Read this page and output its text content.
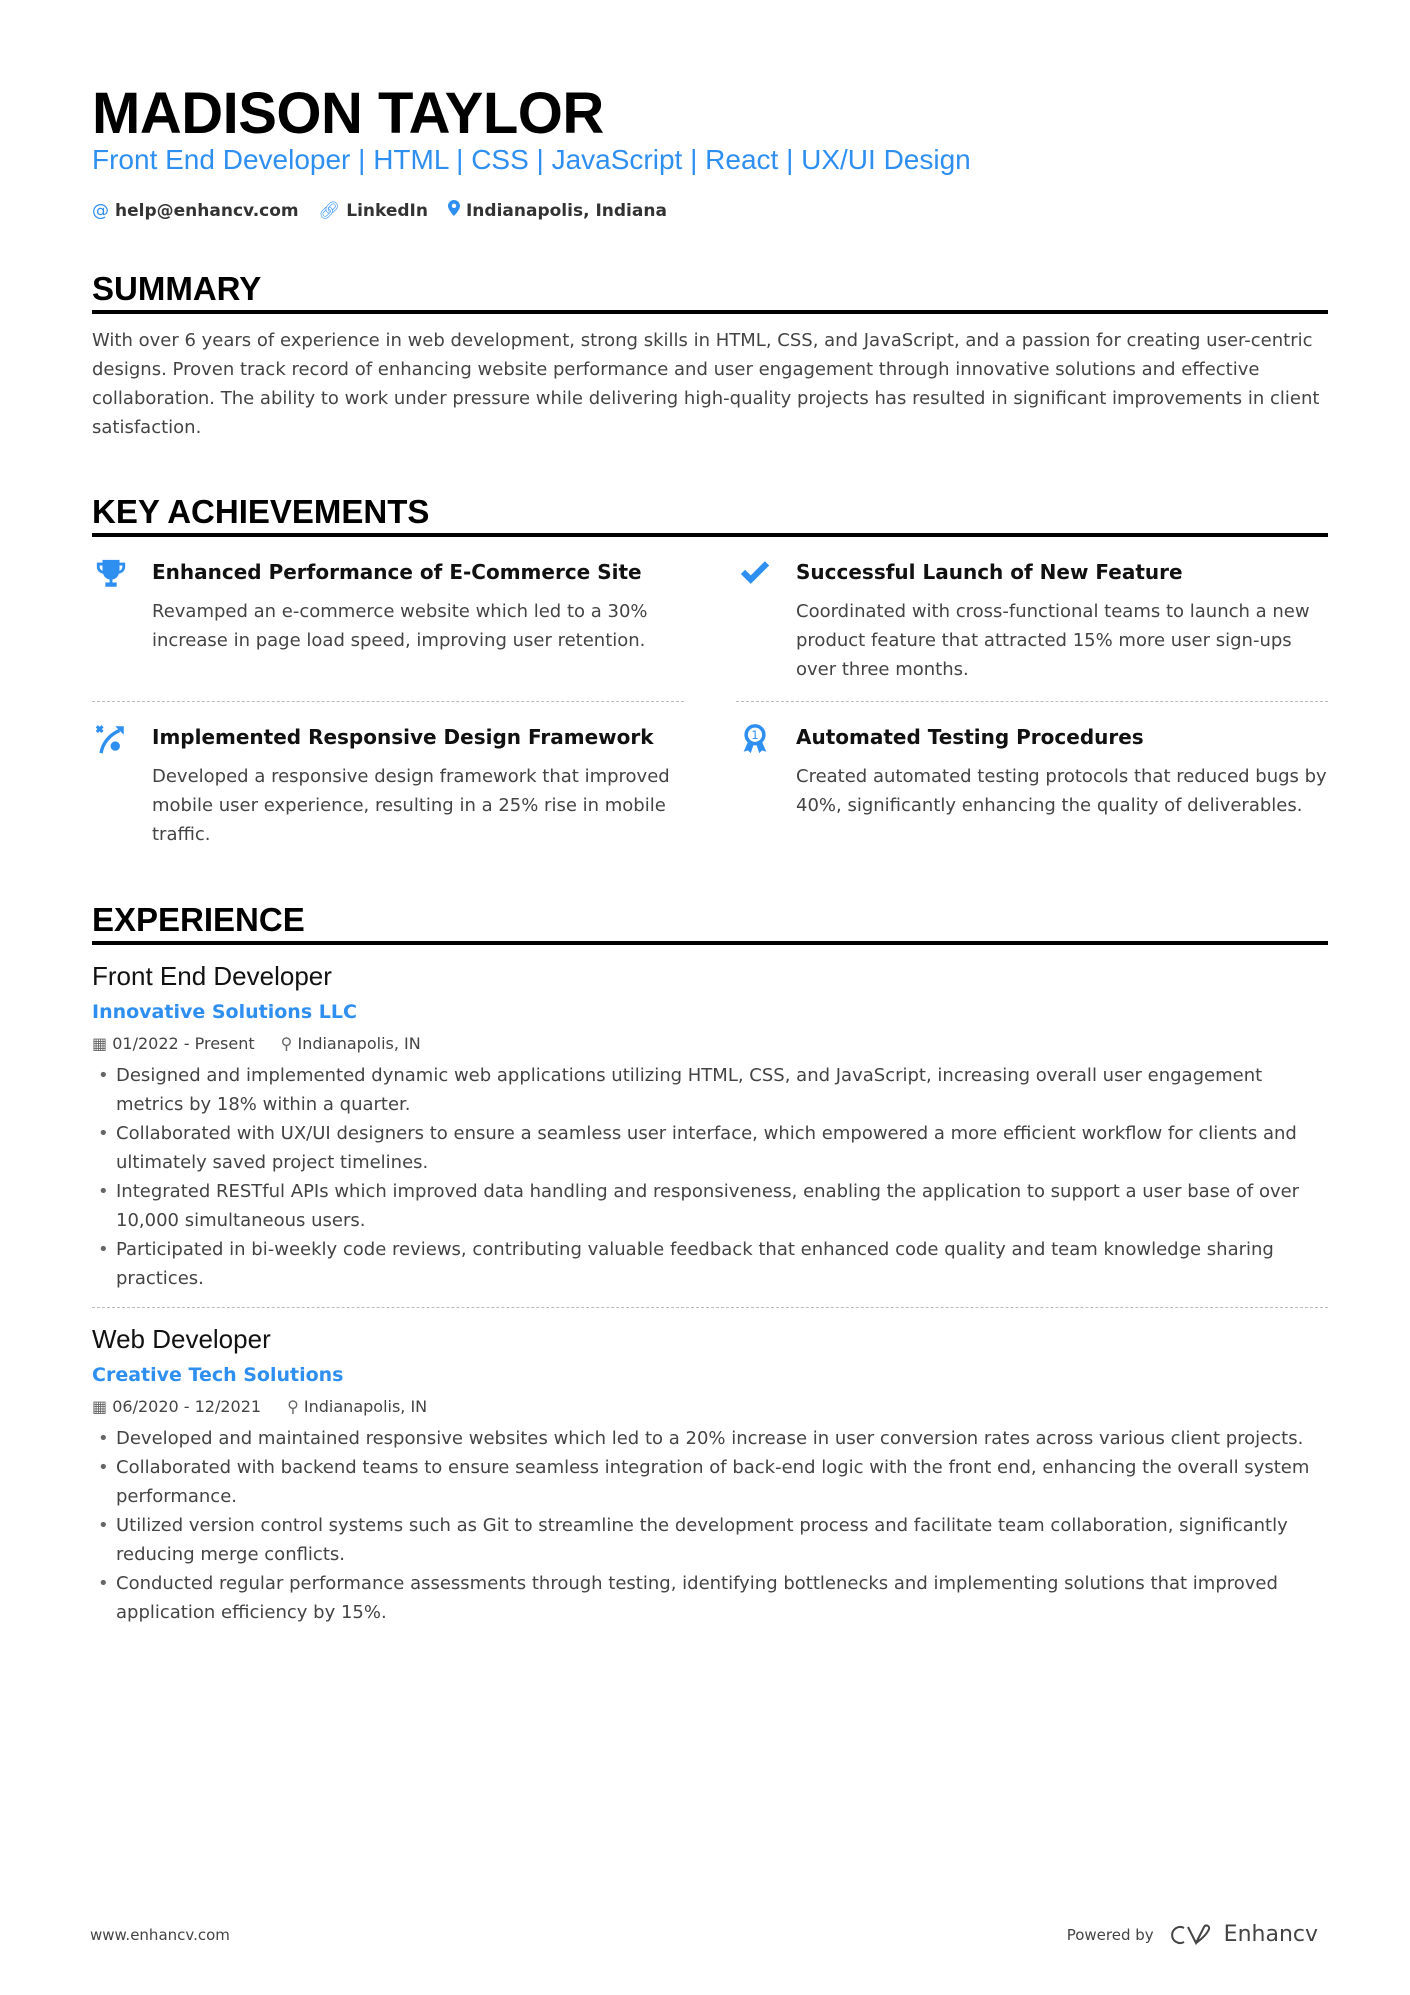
MADISON TAYLOR
Front End Developer | HTML | CSS | JavaScript | React | UX/UI Design
@ help@enhancv.com 🔗︎ LinkedIn Indianapolis, Indiana
SUMMARY

With over 6 years of experience in web development, strong skills in HTML, CSS, and JavaScript, and a passion for creating user-centric designs. Proven track record of enhancing website performance and user engagement through innovative solutions and effective collaboration. The ability to work under pressure while delivering high-quality projects has resulted in significant improvements in client satisfaction.

KEY ACHIEVEMENTS
Enhanced Performance of E-Commerce Site

Revamped an e-commerce website which led to a 30% increase in page load speed, improving user retention.

Successful Launch of New Feature

Coordinated with cross-functional teams to launch a new product feature that attracted 15% more user sign-ups over three months.

Implemented Responsive Design Framework

Developed a responsive design framework that improved mobile user experience, resulting in a 25% rise in mobile traffic.

1 Automated Testing Procedures

Created automated testing protocols that reduced bugs by 40%, significantly enhancing the quality of deliverables.

EXPERIENCE
Front End Developer
Innovative Solutions LLC
▦ 01/2022 - Present ⚲ Indianapolis, IN
• Designed and implemented dynamic web applications utilizing HTML, CSS, and JavaScript, increasing overall user engagement metrics by 18% within a quarter.
• Collaborated with UX/UI designers to ensure a seamless user interface, which empowered a more efficient workflow for clients and ultimately saved project timelines.
• Integrated RESTful APIs which improved data handling and responsiveness, enabling the application to support a user base of over 10,000 simultaneous users.
• Participated in bi-weekly code reviews, contributing valuable feedback that enhanced code quality and team knowledge sharing practices.
Web Developer
Creative Tech Solutions
▦ 06/2020 - 12/2021 ⚲ Indianapolis, IN
• Developed and maintained responsive websites which led to a 20% increase in user conversion rates across various client projects.
• Collaborated with backend teams to ensure seamless integration of back-end logic with the front end, enhancing the overall system performance.
• Utilized version control systems such as Git to streamline the development process and facilitate team collaboration, significantly reducing merge conflicts.
• Conducted regular performance assessments through testing, identifying bottlenecks and implementing solutions that improved application efficiency by 15%.
www.enhancv.com	Powered by	Enhancv
